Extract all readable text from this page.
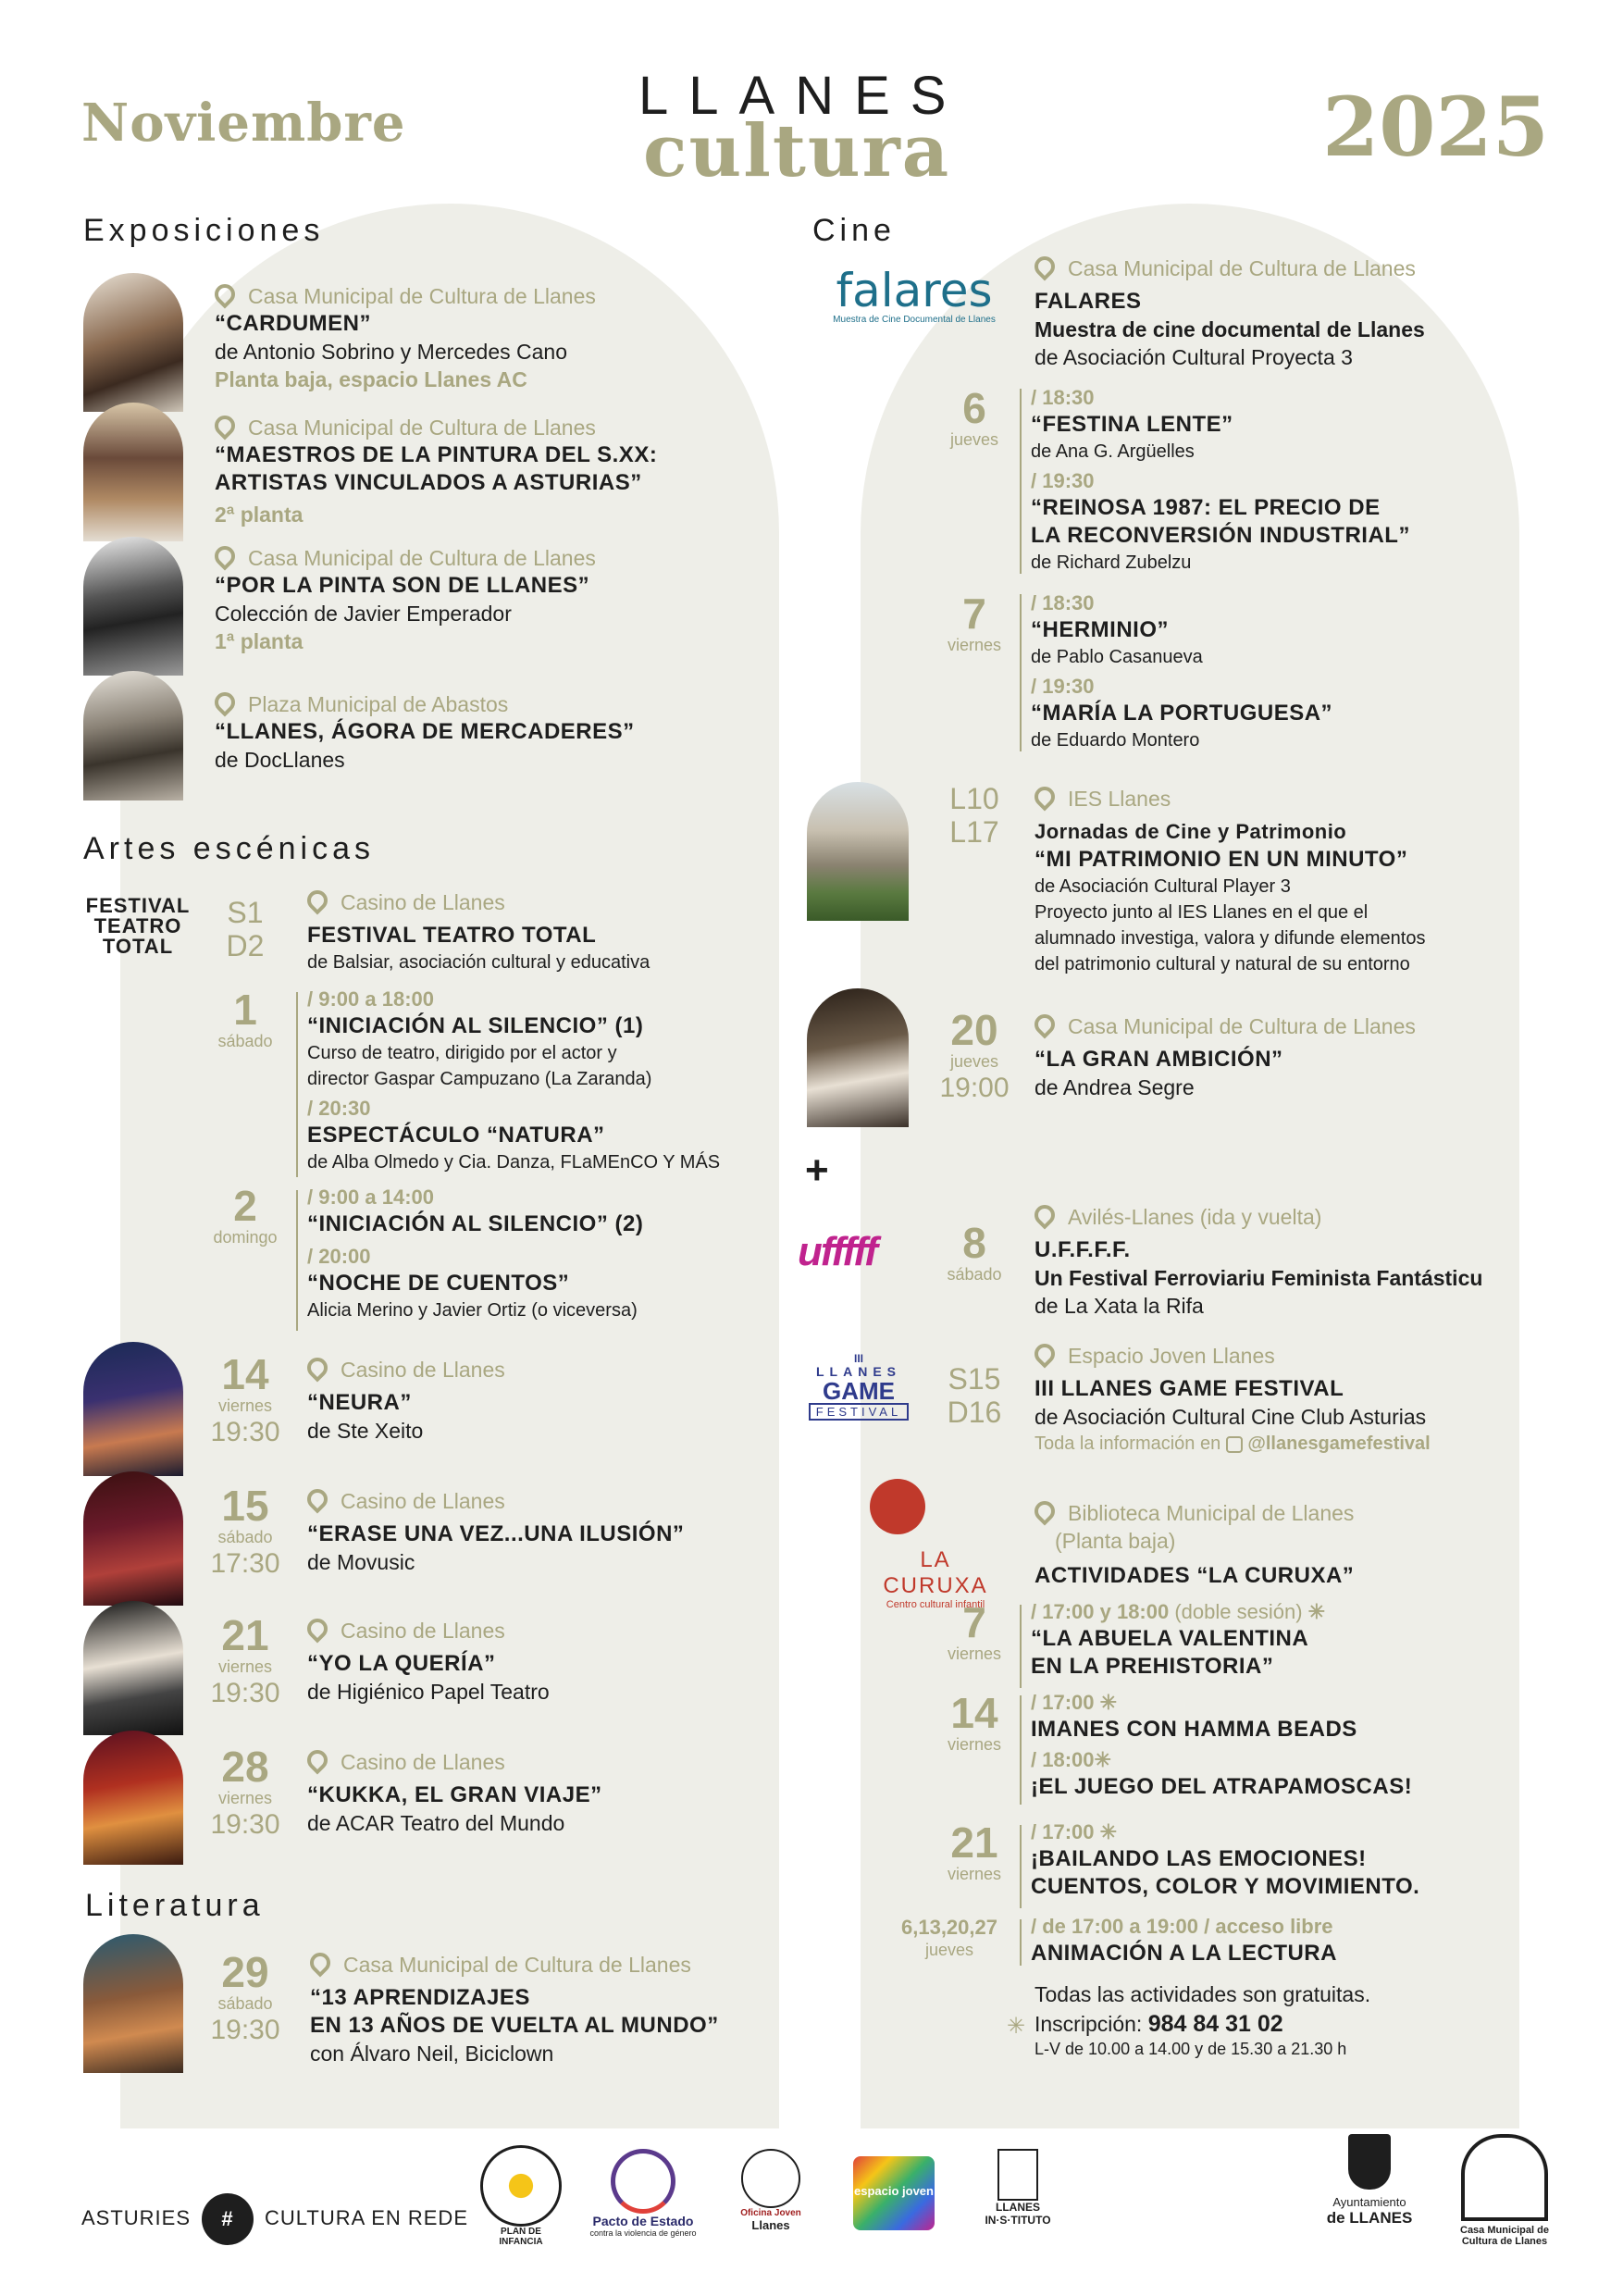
Noviembre	LLANES
cultura	2025
Exposiciones
Artes escénicas
Literatura
Cine
Casa Municipal de Cultura de Llanes
“CARDUMEN”
de Antonio Sobrino y Mercedes Cano
Planta baja, espacio Llanes AC
Casa Municipal de Cultura de Llanes
“MAESTROS DE LA PINTURA DEL S.XX:
ARTISTAS VINCULADOS A ASTURIAS”
2ª planta
Casa Municipal de Cultura de Llanes
“POR LA PINTA SON DE LLANES”
Colección de Javier Emperador
1ª planta
Plaza Municipal de Abastos
“LLANES, ÁGORA DE MERCADERES”
de DocLlanes
FESTIVAL
TEATRO
TOTAL
S1
D2
Casino de Llanes
FESTIVAL TEATRO TOTAL
de Balsiar, asociación cultural y educativa
1
sábado
/ 9:00 a 18:00
“INICIACIÓN AL SILENCIO” (1)
Curso de teatro, dirigido por el actor y
director Gaspar Campuzano (La Zaranda)
/ 20:30
ESPECTÁCULO “NATURA”
de Alba Olmedo y Cia. Danza, FLaMEnCO Y MÁS
2
domingo
/ 9:00 a 14:00
“INICIACIÓN AL SILENCIO” (2)
/ 20:00
“NOCHE DE CUENTOS”
Alicia Merino y Javier Ortiz (o viceversa)
14
viernes
19:30
Casino de Llanes
“NEURA”
de Ste Xeito
15
sábado
17:30
Casino de Llanes
“ERASE UNA VEZ...UNA ILUSIÓN”
de Movusic
21
viernes
19:30
Casino de Llanes
“YO LA QUERÍA”
de Higiénico Papel Teatro
28
viernes
19:30
Casino de Llanes
“KUKKA, EL GRAN VIAJE”
de ACAR Teatro del Mundo
29
sábado
19:30
Casa Municipal de Cultura de Llanes
“13 APRENDIZAJES
EN 13 AÑOS DE VUELTA AL MUNDO”
con Álvaro Neil, Biciclown
falares
Muestra de Cine Documental de Llanes
Casa Municipal de Cultura de Llanes
FALARES
Muestra de cine documental de Llanes
de Asociación Cultural Proyecta 3
6
jueves
/ 18:30
“FESTINA LENTE”
de Ana G. Argüelles
/ 19:30
“REINOSA 1987: EL PRECIO DE
LA RECONVERSIÓN INDUSTRIAL”
de Richard Zubelzu
7
viernes
/ 18:30
“HERMINIO”
de Pablo Casanueva
/ 19:30
“MARÍA LA PORTUGUESA”
de Eduardo Montero
L10
L17
IES Llanes
Jornadas de Cine y Patrimonio
“MI PATRIMONIO EN UN MINUTO”
de Asociación Cultural Player 3
Proyecto junto al IES Llanes en el que el
alumnado investiga, valora y difunde elementos
del patrimonio cultural y natural de su entorno
20
jueves
19:00
Casa Municipal de Cultura de Llanes
“LA GRAN AMBICIÓN”
de Andrea Segre
+
ufffff	8
sábado
Avilés-Llanes (ida y vuelta)
U.F.F.F.F.
Un Festival Ferroviariu Feminista Fantásticu
de La Xata la Rifa
III
LLANES
GAME
FESTIVAL
S15
D16
Espacio Joven Llanes
III LLANES GAME FESTIVAL
de Asociación Cultural Cine Club Asturias
Toda la información en @llanesgamefestival
LA CURUXA
Centro cultural infantil
Biblioteca Municipal de Llanes
(Planta baja)
ACTIVIDADES “LA CURUXA”
7
viernes
/ 17:00 y 18:00 (doble sesión) ✳
“LA ABUELA VALENTINA
EN LA PREHISTORIA”
14
viernes
/ 17:00 ✳
IMANES CON HAMMA BEADS
/ 18:00✳
¡EL JUEGO DEL ATRAPAMOSCAS!
21
viernes
/ 17:00 ✳
¡BAILANDO LAS EMOCIONES!
CUENTOS, COLOR Y MOVIMIENTO.
6,13,20,27
jueves
/ de 17:00 a 19:00 / acceso libre
ANIMACIÓN A LA LECTURA
Todas las actividades son gratuitas.
✳ Inscripción: 984 84 31 02
L-V de 10.00 a 14.00 y de 15.30 a 21.30 h
ASTURIES # CULTURA EN REDE
PLAN DE INFANCIA
Pacto de Estado
contra la violencia de género
Oficina Joven
Llanes
espacio joven
LLANES IN·S·TITUTO
Ayuntamiento
de LLANES
Casa Municipal de
Cultura de Llanes
